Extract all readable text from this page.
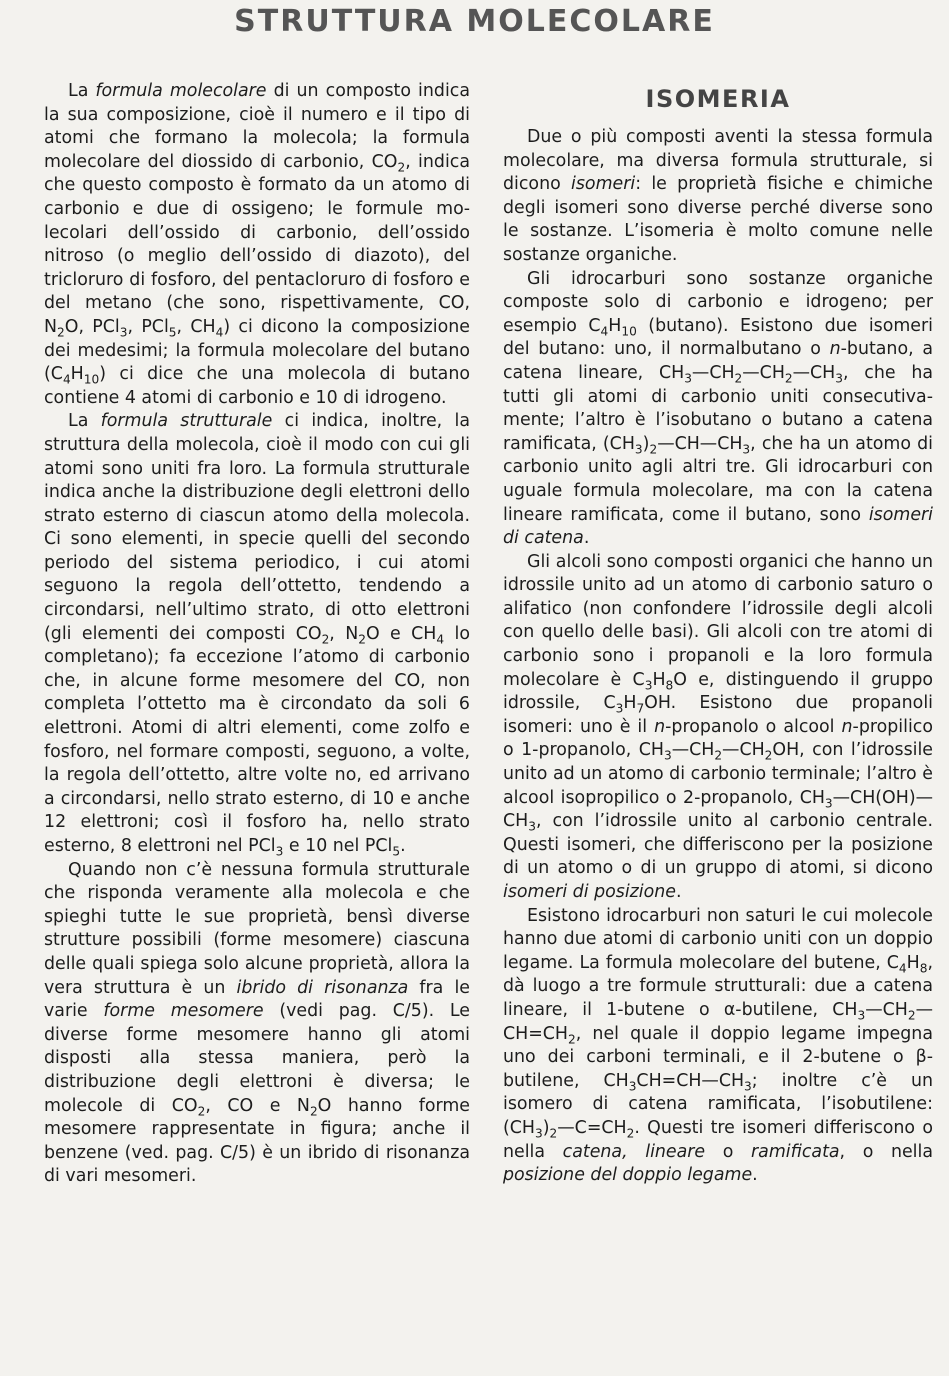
STRUTTURA MOLECOLARE

La formula molecolare di un composto indica la sua composizione, cioè il numero e il tipo di atomi che formano la molecola; la formula molecolare del diossido di carbonio, $CO_2$, indica che questo composto è formato da un atomo di carbonio e due di ossigeno; le formule molecolari dell’ossido di carbonio, dell’ossido nitroso (o meglio dell’ossido di diazoto), del tricloruro di fosforo, del pentacloruro di fosforo e del metano (che sono, rispettivamente, CO, $N_2O$, PCl$_3$, PCl$_5$, $CH_4$) ci dicono la composizione dei medesimi; la formula molecolare del butano $(C_4H_{10})$ ci dice che una molecola di butano contiene 4 atomi di carbonio e 10 di idrogeno.

La formula strutturale ci indica, inoltre, la struttura della molecola, cioè il modo con cui gli atomi sono uniti fra loro. La formula strutturale indica anche la distribuzione degli elettroni dello strato esterno di ciascun atomo della molecola. Ci sono elementi, in specie quelli del secondo periodo del sistema periodico, i cui atomi seguono la regola dell’ottetto, tendendo a circondarsi, nell’ultimo strato, di otto elettroni (gli elementi dei composti $CO_2$, $N_2O$ e $CH_4$ lo completano); fa eccezione l’atomo di carbonio che, in alcune forme mesomere del CO, non completa l’ottetto ma è circondato da soli 6 elettroni. Atomi di altri elementi, come zolfo e fosforo, nel formare composti, seguono, a volte, la regola dell’ottetto, altre volte no, ed arrivano a circondarsi, nello strato esterno, di 10 e anche 12 elettroni; così il fosforo ha, nello strato esterno, 8 elettroni nel PCl$_3$ e 10 nel PCl$_5$.

Quando non c’è nessuna formula strutturale che risponda veramente alla molecola e che spieghi tutte le sue proprietà, bensì diverse strutture possibili (forme mesomere) ciascuna delle quali spiega solo alcune proprietà, allora la vera struttura è un ibrido di risonanza fra le varie forme mesomere (vedi pag. C/5). Le diverse forme mesomere hanno gli atomi disposti alla stessa maniera, però la distribuzione degli elettroni è diversa; le molecole di $CO_2$, CO e $N_2O$ hanno forme mesomere rappresentate in figura; anche il benzene (ved. pag. C/5) è un ibrido di risonanza di vari mesomeri.

ISOMERIA

Due o più composti aventi la stessa formula molecolare, ma diversa formula strutturale, si dicono isomeri: le proprietà fisiche e chimiche degli isomeri sono diverse perché diverse sono le sostanze. L’isomeria è molto comune nelle sostanze organiche.

Gli idrocarburi sono sostanze organiche composte solo di carbonio e idrogeno; per esempio $C_4H_{10}$ (butano). Esistono due isomeri del butano: uno, il normalbutano o n-butano, a catena lineare, $CH_3—CH_2—CH_2—CH_3$, che ha tutti gli atomi di carbonio uniti consecutivamente; l’altro è l’isobutano o butano a catena ramificata, $(CH_3)_2—CH—CH_3$, che ha un atomo di carbonio unito agli altri tre. Gli idrocarburi con uguale formula molecolare, ma con la catena lineare ramificata, come il butano, sono isomeri di catena.

Gli alcoli sono composti organici che hanno un idrossile unito ad un atomo di carbonio saturo o alifatico (non confondere l’idrossile degli alcoli con quello delle basi). Gli alcoli con tre atomi di carbonio sono i propanoli e la loro formula molecolare è $C_3H_8O$ e, distinguendo il gruppo idrossile, $C_3H_7OH$. Esistono due propanoli isomeri: uno è il n-propanolo o alcool n-propilico o 1-propanolo, $CH_3—CH_2—CH_2OH$, con l’idrossile unito ad un atomo di carbonio terminale; l’altro è alcool isopropilico o 2-propanolo, $CH_3—CH(OH)—CH_3$, con l’idrossile unito al carbonio centrale. Questi isomeri, che differiscono per la posizione di un atomo o di un gruppo di atomi, si dicono isomeri di posizione.

Esistono idrocarburi non saturi le cui molecole hanno due atomi di carbonio uniti con un doppio legame. La formula molecolare del butene, $C_4H_8$, dà luogo a tre formule strutturali: due a catena lineare, il 1-butene o α-butilene, $CH_3—CH_2—CH=CH_2$, nel quale il doppio legame impegna uno dei carboni terminali, e il 2-butene o β-butilene, $CH_3CH=CH—CH_3$; inoltre c’è un isomero di catena ramificata, l’isobutilene: $(CH_3)_2—C=CH_2$. Questi tre isomeri differiscono o nella catena, lineare o ramificata, o nella posizione del doppio legame.
